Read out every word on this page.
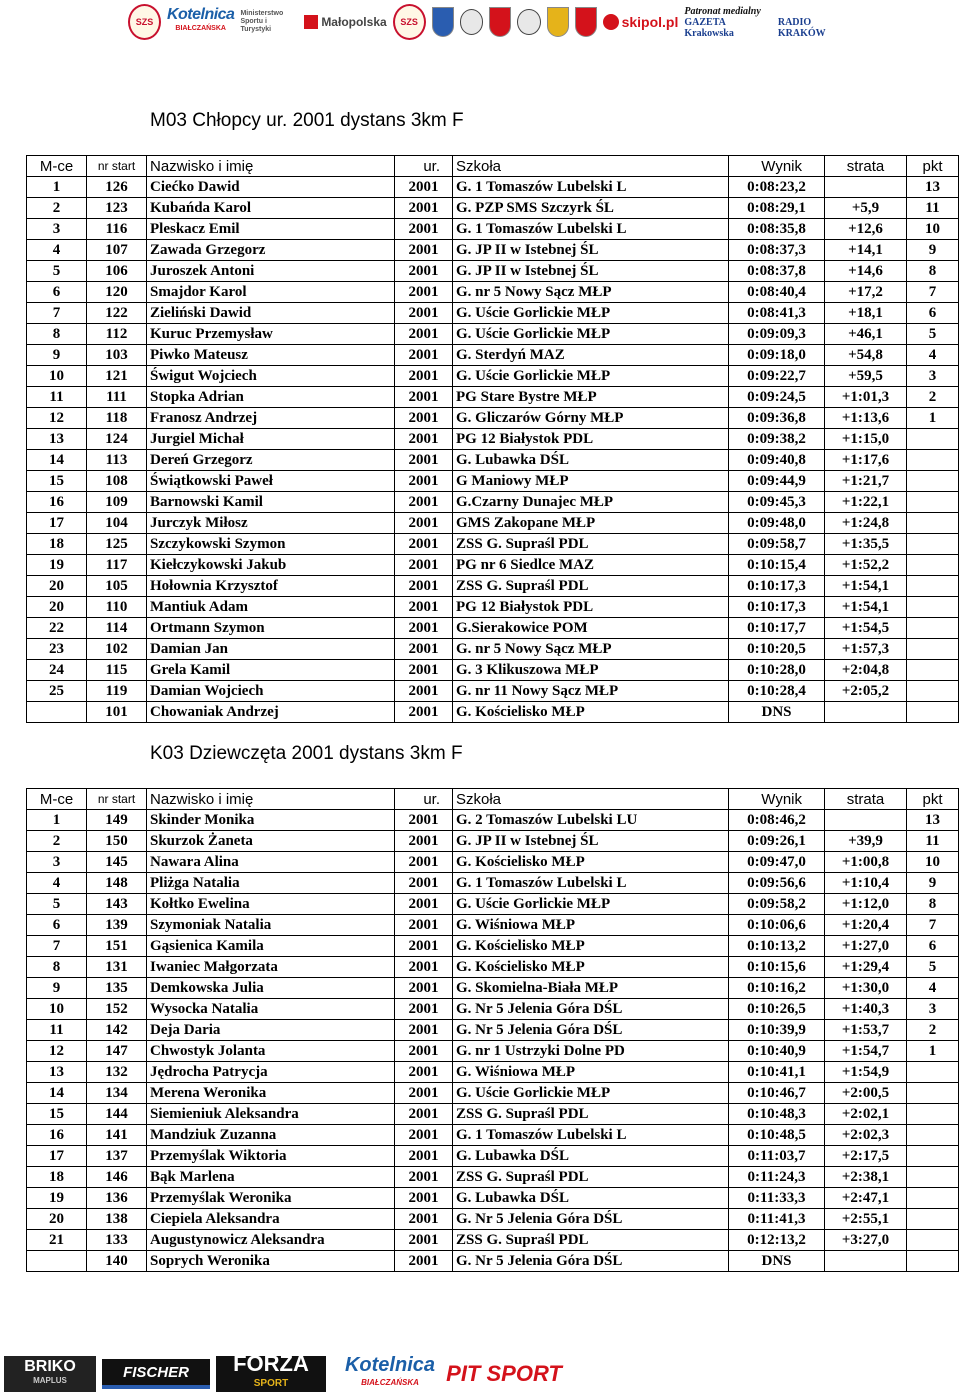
SZS Kotelnica
BIAŁCZAŃSKA
Ministerstwo Sportu i Turystyki
Małopolska	SZS	skipol.pl
Patronat medialny
GAZETA Krakowska
RADIO KRAKÓW
M03 Chłopcy ur. 2001 dystans 3km F
M-ce	nr start	Nazwisko i imię	ur.	Szkoła	Wynik	strata	pkt
1	126	Ciećko Dawid	2001	G. 1 Tomaszów Lubelski L	0:08:23,2		13
2	123	Kubańda Karol	2001	G. PZP SMS Szczyrk ŚL	0:08:29,1	+5,9	11
3	116	Pleskacz Emil	2001	G. 1 Tomaszów Lubelski L	0:08:35,8	+12,6	10
4	107	Zawada Grzegorz	2001	G. JP II w Istebnej ŚL	0:08:37,3	+14,1	9
5	106	Juroszek Antoni	2001	G. JP II w Istebnej ŚL	0:08:37,8	+14,6	8
6	120	Smajdor Karol	2001	G. nr 5 Nowy Sącz MŁP	0:08:40,4	+17,2	7
7	122	Zieliński Dawid	2001	G. Uście Gorlickie MŁP	0:08:41,3	+18,1	6
8	112	Kuruc Przemysław	2001	G. Uście Gorlickie MŁP	0:09:09,3	+46,1	5
9	103	Piwko Mateusz	2001	G. Sterdyń MAZ	0:09:18,0	+54,8	4
10	121	Świgut Wojciech	2001	G. Uście Gorlickie MŁP	0:09:22,7	+59,5	3
11	111	Stopka Adrian	2001	PG Stare Bystre MŁP	0:09:24,5	+1:01,3	2
12	118	Franosz Andrzej	2001	G. Gliczarów Górny MŁP	0:09:36,8	+1:13,6	1
13	124	Jurgiel Michał	2001	PG 12 Białystok PDL	0:09:38,2	+1:15,0	
14	113	Dereń Grzegorz	2001	G. Lubawka DŚL	0:09:40,8	+1:17,6	
15	108	Świątkowski Paweł	2001	G Maniowy MŁP	0:09:44,9	+1:21,7	
16	109	Barnowski Kamil	2001	G.Czarny Dunajec MŁP	0:09:45,3	+1:22,1	
17	104	Jurczyk Miłosz	2001	GMS Zakopane MŁP	0:09:48,0	+1:24,8	
18	125	Szczykowski Szymon	2001	ZSS G. Supraśl PDL	0:09:58,7	+1:35,5	
19	117	Kiełczykowski Jakub	2001	PG nr 6 Siedlce MAZ	0:10:15,4	+1:52,2	
20	105	Hołownia Krzysztof	2001	ZSS G. Supraśl PDL	0:10:17,3	+1:54,1	
20	110	Mantiuk Adam	2001	PG 12 Białystok PDL	0:10:17,3	+1:54,1	
22	114	Ortmann Szymon	2001	G.Sierakowice POM	0:10:17,7	+1:54,5	
23	102	Damian Jan	2001	G. nr 5 Nowy Sącz MŁP	0:10:20,5	+1:57,3	
24	115	Grela Kamil	2001	G. 3 Klikuszowa MŁP	0:10:28,0	+2:04,8	
25	119	Damian Wojciech	2001	G. nr 11 Nowy Sącz MŁP	0:10:28,4	+2:05,2	
	101	Chowaniak Andrzej	2001	G. Kościelisko MŁP	DNS		
K03 Dziewczęta 2001 dystans 3km F
M-ce	nr start	Nazwisko i imię	ur.	Szkoła	Wynik	strata	pkt
1	149	Skinder Monika	2001	G. 2 Tomaszów Lubelski LU	0:08:46,2		13
2	150	Skurzok Żaneta	2001	G. JP II w Istebnej ŚL	0:09:26,1	+39,9	11
3	145	Nawara Alina	2001	G. Kościelisko MŁP	0:09:47,0	+1:00,8	10
4	148	Pliżga Natalia	2001	G. 1 Tomaszów Lubelski L	0:09:56,6	+1:10,4	9
5	143	Kołtko Ewelina	2001	G. Uście Gorlickie MŁP	0:09:58,2	+1:12,0	8
6	139	Szymoniak Natalia	2001	G. Wiśniowa MŁP	0:10:06,6	+1:20,4	7
7	151	Gąsienica Kamila	2001	G. Kościelisko MŁP	0:10:13,2	+1:27,0	6
8	131	Iwaniec Małgorzata	2001	G. Kościelisko MŁP	0:10:15,6	+1:29,4	5
9	135	Demkowska Julia	2001	G. Skomielna-Biała MŁP	0:10:16,2	+1:30,0	4
10	152	Wysocka Natalia	2001	G. Nr 5 Jelenia Góra DŚL	0:10:26,5	+1:40,3	3
11	142	Deja Daria	2001	G. Nr 5 Jelenia Góra DŚL	0:10:39,9	+1:53,7	2
12	147	Chwostyk Jolanta	2001	G. nr 1 Ustrzyki Dolne PD	0:10:40,9	+1:54,7	1
13	132	Jędrocha Patrycja	2001	G. Wiśniowa MŁP	0:10:41,1	+1:54,9	
14	134	Merena Weronika	2001	G. Uście Gorlickie MŁP	0:10:46,7	+2:00,5	
15	144	Siemieniuk Aleksandra	2001	ZSS G. Supraśl PDL	0:10:48,3	+2:02,1	
16	141	Mandziuk Zuzanna	2001	G. 1 Tomaszów Lubelski L	0:10:48,5	+2:02,3	
17	137	Przemyślak Wiktoria	2001	G. Lubawka DŚL	0:11:03,7	+2:17,5	
18	146	Bąk Marlena	2001	ZSS G. Supraśl PDL	0:11:24,3	+2:38,1	
19	136	Przemyślak Weronika	2001	G. Lubawka DŚL	0:11:33,3	+2:47,1	
20	138	Ciepiela Aleksandra	2001	G. Nr 5 Jelenia Góra DŚL	0:11:41,3	+2:55,1	
21	133	Augustynowicz Aleksandra	2001	ZSS G. Supraśl PDL	0:12:13,2	+3:27,0	
	140	Soprych Weronika	2001	G. Nr 5 Jelenia Góra DŚL	DNS		
BRIKO
MAPLUS	FISCHER	FORZA
SPORT
Kotelnica
BIAŁCZAŃSKA PIT SPORT
